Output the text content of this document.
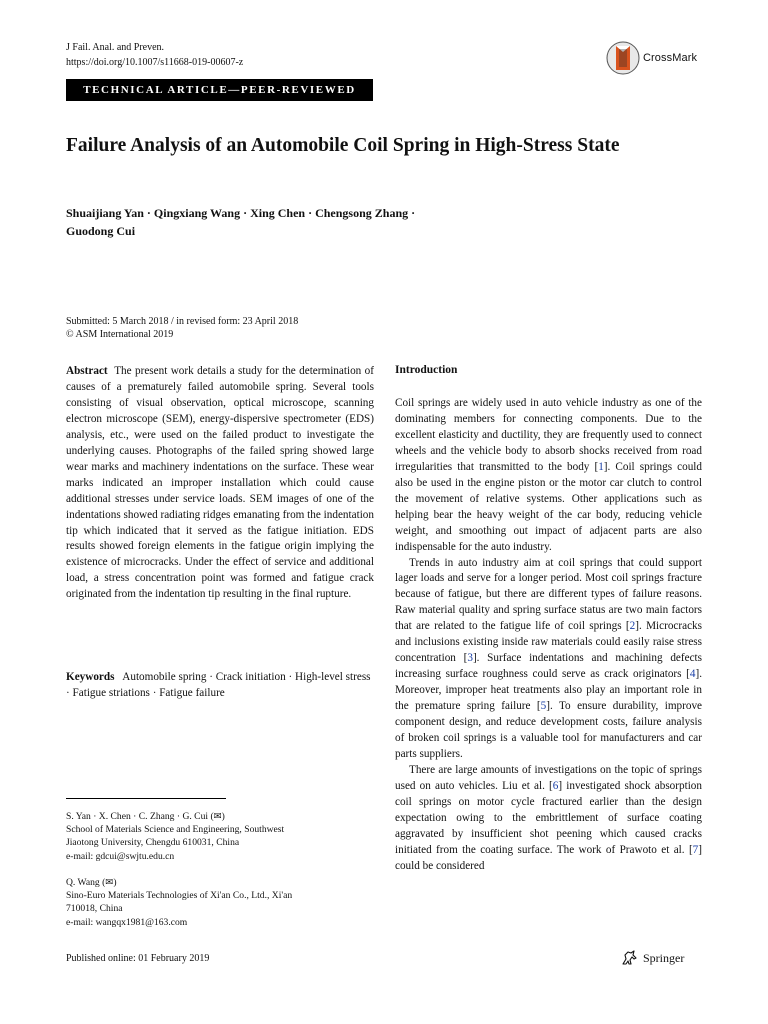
J Fail. Anal. and Preven.
https://doi.org/10.1007/s11668-019-00607-z	CrossMark
TECHNICAL ARTICLE—PEER-REVIEWED
Failure Analysis of an Automobile Coil Spring in High-Stress State
Shuaijiang Yan · Qingxiang Wang · Xing Chen · Chengsong Zhang ·
Guodong Cui
Submitted: 5 March 2018 / in revised form: 23 April 2018
© ASM International 2019
Abstract The present work details a study for the determination of causes of a prematurely failed automobile spring. Several tools consisting of visual observation, optical microscope, scanning electron microscope (SEM), energy-dispersive spectrometer (EDS) analysis, etc., were used on the failed product to investigate the underlying causes. Photographs of the failed spring showed large wear marks and machinery indentations on the surface. These wear marks indicated an improper installation which could cause additional stresses under service loads. SEM images of one of the indentations showed radiating ridges emanating from the indentation tip which indicated that it served as the fatigue initiation. EDS results showed foreign elements in the fatigue origin implying the existence of microcracks. Under the effect of service and additional load, a stress concentration point was formed and fatigue crack originated from the indentation tip resulting in the final rupture.
Keywords Automobile spring · Crack initiation · High-level stress · Fatigue striations · Fatigue failure
S. Yan · X. Chen · C. Zhang · G. Cui (✉)
School of Materials Science and Engineering, Southwest
Jiaotong University, Chengdu 610031, China
e-mail: gdcui@swjtu.edu.cn
Q. Wang (✉)
Sino-Euro Materials Technologies of Xi'an Co., Ltd., Xi'an
710018, China
e-mail: wangqx1981@163.com
Introduction

Coil springs are widely used in auto vehicle industry as one of the dominating members for connecting components. Due to the excellent elasticity and ductility, they are frequently used to connect wheels and the vehicle body to absorb shocks received from road irregularities that transmitted to the body [1]. Coil springs could also be used in the engine piston or the motor car clutch to control the movement of relative systems. Other applications such as helping bear the heavy weight of the car body, reducing vehicle weight, and smoothing out impact of adjacent parts are also indispensable for the auto industry.

Trends in auto industry aim at coil springs that could support lager loads and serve for a longer period. Most coil springs fracture because of fatigue, but there are different types of failure reasons. Raw material quality and spring surface status are two main factors that are related to the fatigue life of coil springs [2]. Microcracks and inclusions existing inside raw materials could easily raise stress concentration [3]. Surface indentations and machining defects increasing surface roughness could serve as crack originators [4]. Moreover, improper heat treatments also play an important role in the premature spring failure [5]. To ensure durability, improve component design, and reduce development costs, failure analysis of broken coil springs is a valuable tool for manufacturers and car parts suppliers.

There are large amounts of investigations on the topic of springs used on auto vehicles. Liu et al. [6] investigated shock absorption coil springs on motor cycle fractured earlier than the design expectation owing to the embrittlement of surface coating aggravated by insufficient shot peening which caused cracks initiated from the coating surface. The work of Prawoto et al. [7] could be considered

Published online: 01 February 2019	Springer
